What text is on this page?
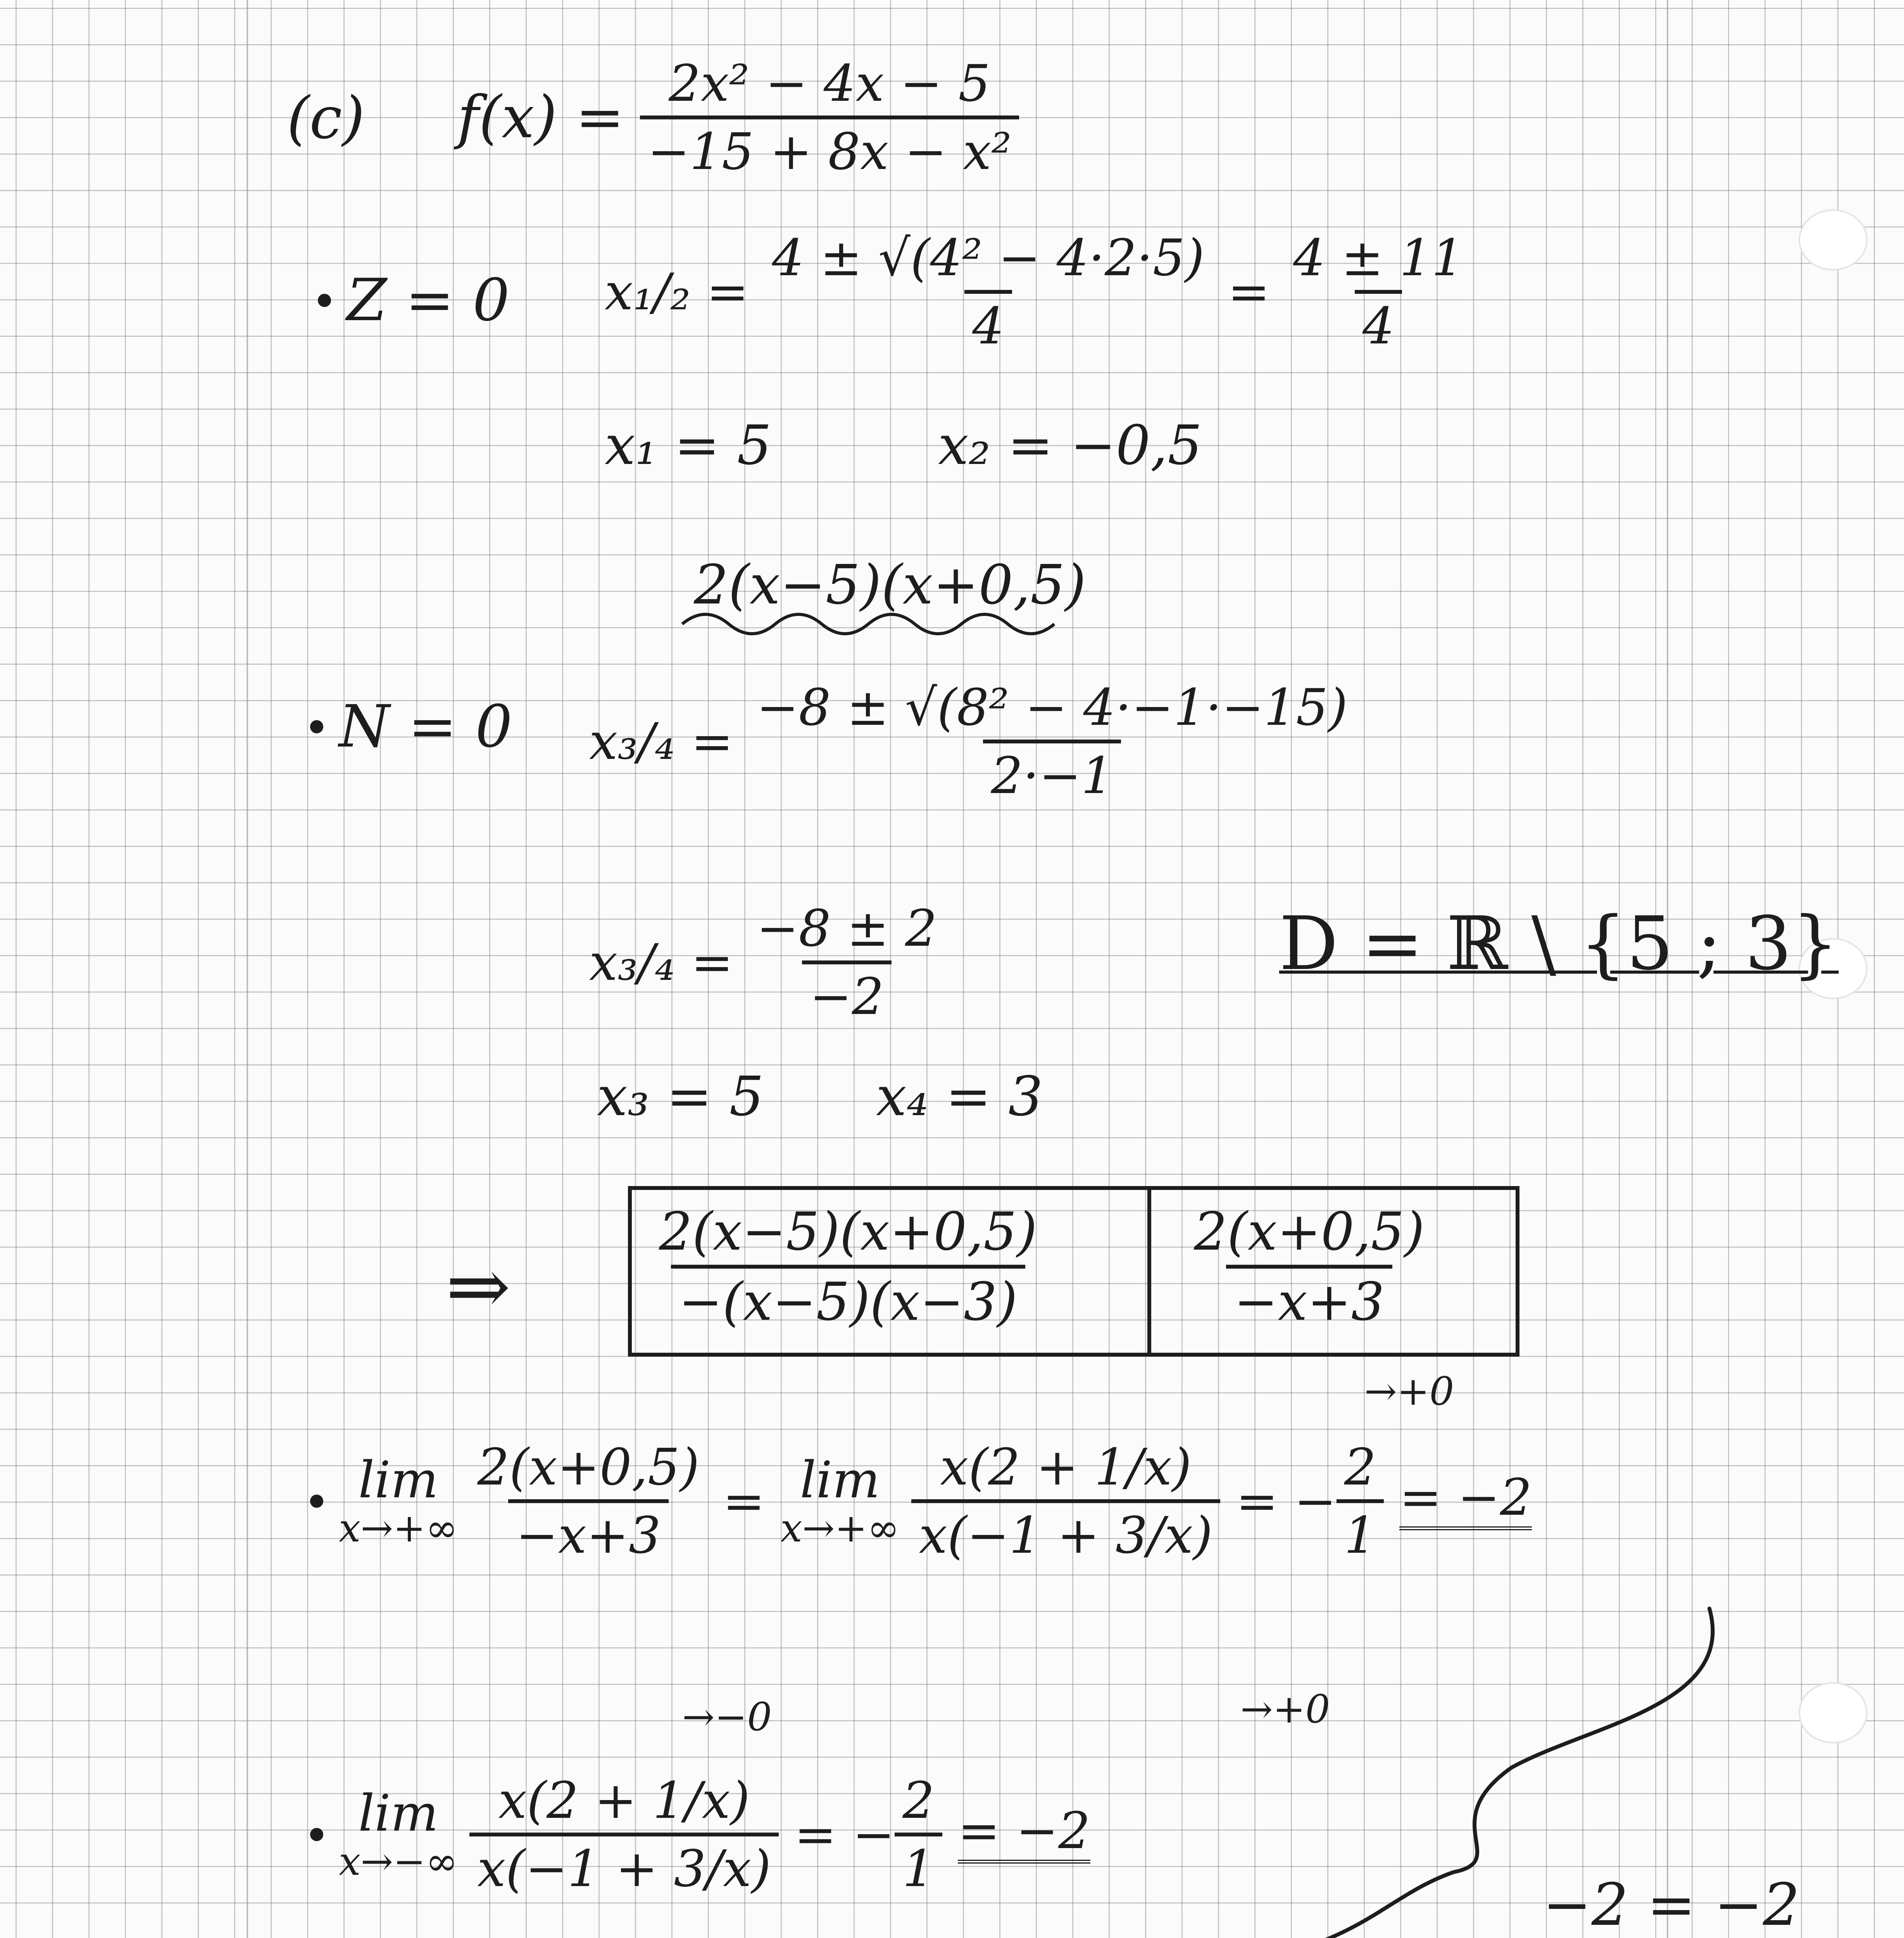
(c) $f(x) = \frac{\text{2x² − 4x − 5}}{\text{−15 + 8x − x²}}$
Z = 0 $x_1/_2 = \frac{\text{4 ± √(4² − 4·2·5)}}{4} = \frac{4 \pm 11}{4}$
x₁ = 5	x₂ = −0,5
2(x−5)(x+0,5)
N = 0 $x_3/_4 = \frac{\text{−8 ± √(8² − 4·−1·−15)}}{2\cdot-1}$
$x_3/_4 = \frac{-8 \pm 2}{-2}$	D = ℝ \ {5 ; 3}
x₃ = 5 x₄ = 3
⇒	$\frac{2(x-5)(x+0,5)}{-(x-5)(x-3)}$	$\frac{2(x+0,5)}{-x+3}$
→+0
lim
$x\to+\infty \frac{2(x+0,5)}{-x+3} = \lim$
$x\to+\infty \frac{x(2 + 1/x)}{x(-1 + 3/x)}$ = − $\frac{2}{1} = -2$
→+0
→−0
lim
$x\to-\infty \frac{x(2 + 1/x)}{x(-1 + 3/x)}$ = − $\frac{2}{1} = -2$
−2 = −2
